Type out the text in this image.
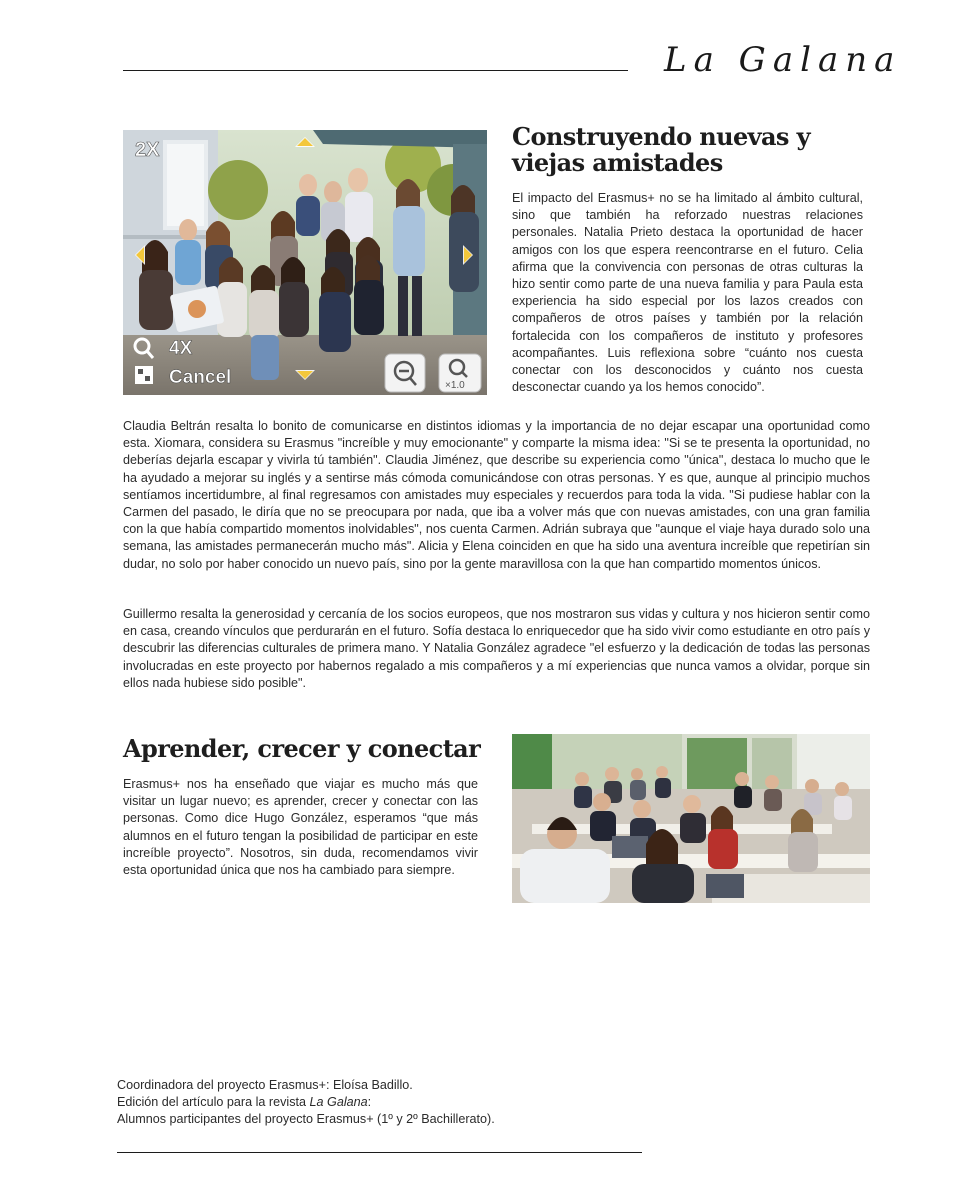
La Galana
2X
4X
Cancel	×1.0
Construyendo nuevas y viejas amistades

El impacto del Erasmus+ no se ha limitado al ámbito cultural, sino que también ha reforzado nuestras relaciones personales. Natalia Prieto destaca la oportunidad de hacer amigos con los que espera reencontrarse en el futuro. Celia afirma que la convivencia con personas de otras culturas la hizo sentir como parte de una nueva familia y para Paula esta experiencia ha sido especial por los lazos creados con compañeros de otros países y también por la relación fortalecida con los compañeros de instituto y profesores acompañantes. Luis reflexiona sobre “cuánto nos cuesta conectar con los desconocidos y cuánto nos cuesta desconectar cuando ya los hemos conocido”.

Claudia Beltrán resalta lo bonito de comunicarse en distintos idiomas y la importancia de no dejar escapar una oportunidad como esta. Xiomara, considera su Erasmus "increíble y muy emocionante" y comparte la misma idea: "Si se te presenta la oportunidad, no deberías dejarla escapar y vivirla tú también". Claudia Jiménez, que describe su experiencia como "única", destaca lo mucho que le ha ayudado a mejorar su inglés y a sentirse más cómoda comunicándose con otras personas. Y es que, aunque al principio muchos sentíamos incertidumbre, al final regresamos con amistades muy especiales y recuerdos para toda la vida. "Si pudiese hablar con la Carmen del pasado, le diría que no se preocupara por nada, que iba a volver más que con nuevas amistades, con una gran familia con la que había compartido momentos inolvidables", nos cuenta Carmen. Adrián subraya que "aunque el viaje haya durado solo una semana, las amistades permanecerán mucho más". Alicia y Elena coinciden en que ha sido una aventura increíble que repetirían sin dudar, no solo por haber conocido un nuevo país, sino por la gente maravillosa con la que han compartido momentos únicos.

Guillermo resalta la generosidad y cercanía de los socios europeos, que nos mostraron sus vidas y cultura y nos hicieron sentir como en casa, creando vínculos que perdurarán en el futuro. Sofía destaca lo enriquecedor que ha sido vivir como estudiante en otro país y descubrir las diferencias culturales de primera mano. Y Natalia González agradece "el esfuerzo y la dedicación de todas las personas involucradas en este proyecto por habernos regalado a mis compañeros y a mí experiencias que nunca vamos a olvidar, porque sin ellos nada hubiese sido posible".

Aprender, crecer y conectar

Erasmus+ nos ha enseñado que viajar es mucho más que visitar un lugar nuevo; es aprender, crecer y conectar con las personas. Como dice Hugo González, esperamos “que más alumnos en el futuro tengan la posibilidad de participar en este increíble proyecto”. Nosotros, sin duda, recomendamos vivir esta oportunidad única que nos ha cambiado para siempre.

Coordinadora del proyecto Erasmus+: Eloísa Badillo.
Edición del artículo para la revista La Galana:
Alumnos participantes del proyecto Erasmus+ (1º y 2º Bachillerato).
